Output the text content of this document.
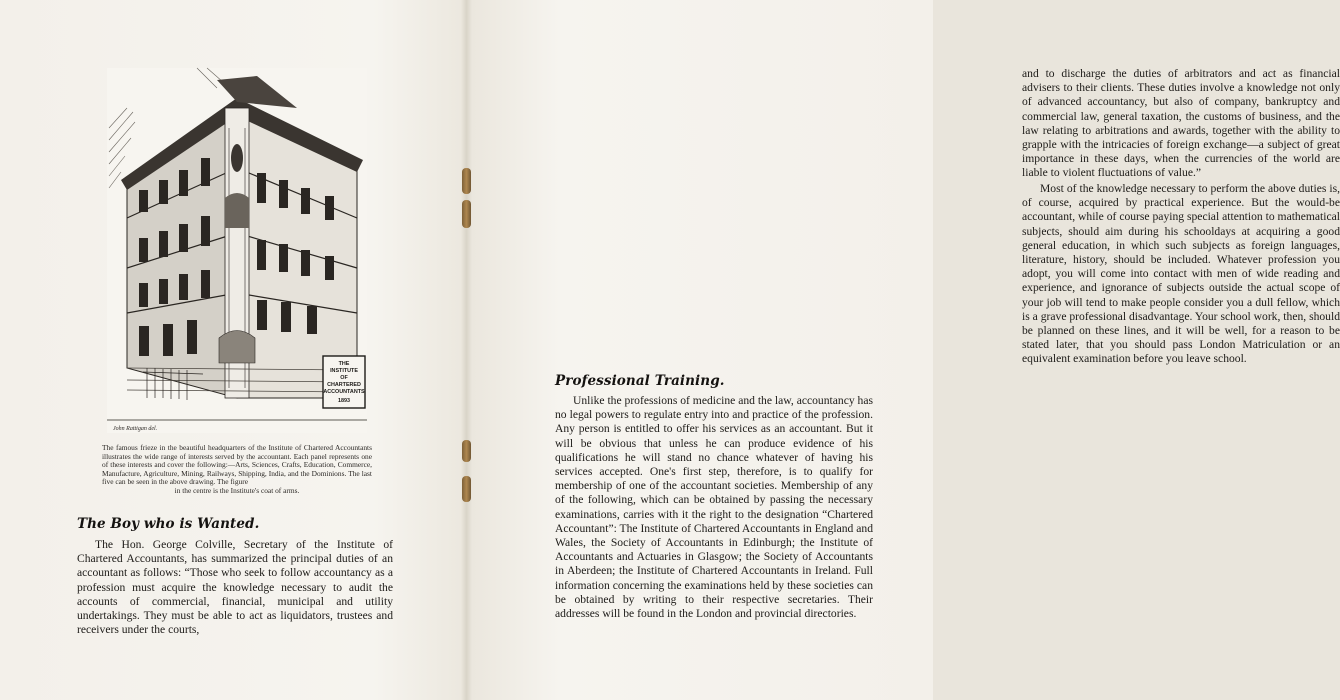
THE
INSTITUTE
OF
CHARTERED
ACCOUNTANTS
1893
John Rattigan del.

The famous frieze in the beautiful headquarters of the Institute of Chartered Accountants illustrates the wide range of interests served by the accountant. Each panel represents one of these interests and cover the following:—Arts, Sciences, Crafts, Education, Commerce, Manufacture, Agriculture, Mining, Railways, Shipping, India, and the Dominions. The last five can be seen in the above drawing. The figure

in the centre is the Institute's coat of arms.

The Boy who is Wanted.

The Hon. George Colville, Secretary of the Institute of Chartered Accountants, has summarized the principal duties of an accountant as follows: “Those who seek to follow accountancy as a profession must acquire the knowledge necessary to audit the accounts of commercial, financial, municipal and utility undertakings. They must be able to act as liquidators, trustees and receivers under the courts,

and to discharge the duties of arbitrators and act as financial advisers to their clients. These duties involve a knowledge not only of advanced accountancy, but also of company, bankruptcy and commercial law, general taxation, the customs of business, and the law relating to arbitrations and awards, together with the ability to grapple with the intricacies of foreign exchange—a subject of great importance in these days, when the currencies of the world are liable to violent fluctuations of value.”

Most of the knowledge necessary to perform the above duties is, of course, acquired by practical experience. But the would-be accountant, while of course paying special attention to mathematical subjects, should aim during his schooldays at acquiring a good general education, in which such subjects as foreign languages, literature, history, should be included. Whatever profession you adopt, you will come into contact with men of wide reading and experience, and ignorance of subjects outside the actual scope of your job will tend to make people consider you a dull fellow, which is a grave professional disadvantage. Your school work, then, should be planned on these lines, and it will be well, for a reason to be stated later, that you should pass London Matriculation or an equivalent examination before you leave school.

Professional Training.

Unlike the professions of medicine and the law, accountancy has no legal powers to regulate entry into and practice of the profession. Any person is entitled to offer his services as an accountant. But it will be obvious that unless he can produce evidence of his qualifications he will stand no chance whatever of having his services accepted. One's first step, therefore, is to qualify for membership of one of the accountant societies. Membership of any of the following, which can be obtained by passing the necessary examinations, carries with it the right to the designation “Chartered Accountant”: The Institute of Chartered Accountants in England and Wales, the Society of Accountants in Edinburgh; the Institute of Accountants and Actuaries in Glasgow; the Society of Accountants in Aberdeen; the Institute of Chartered Accountants in Ireland. Full information concerning the examinations held by these societies can be obtained by writing to their respective secretaries. Their addresses will be found in the London and provincial directories.
